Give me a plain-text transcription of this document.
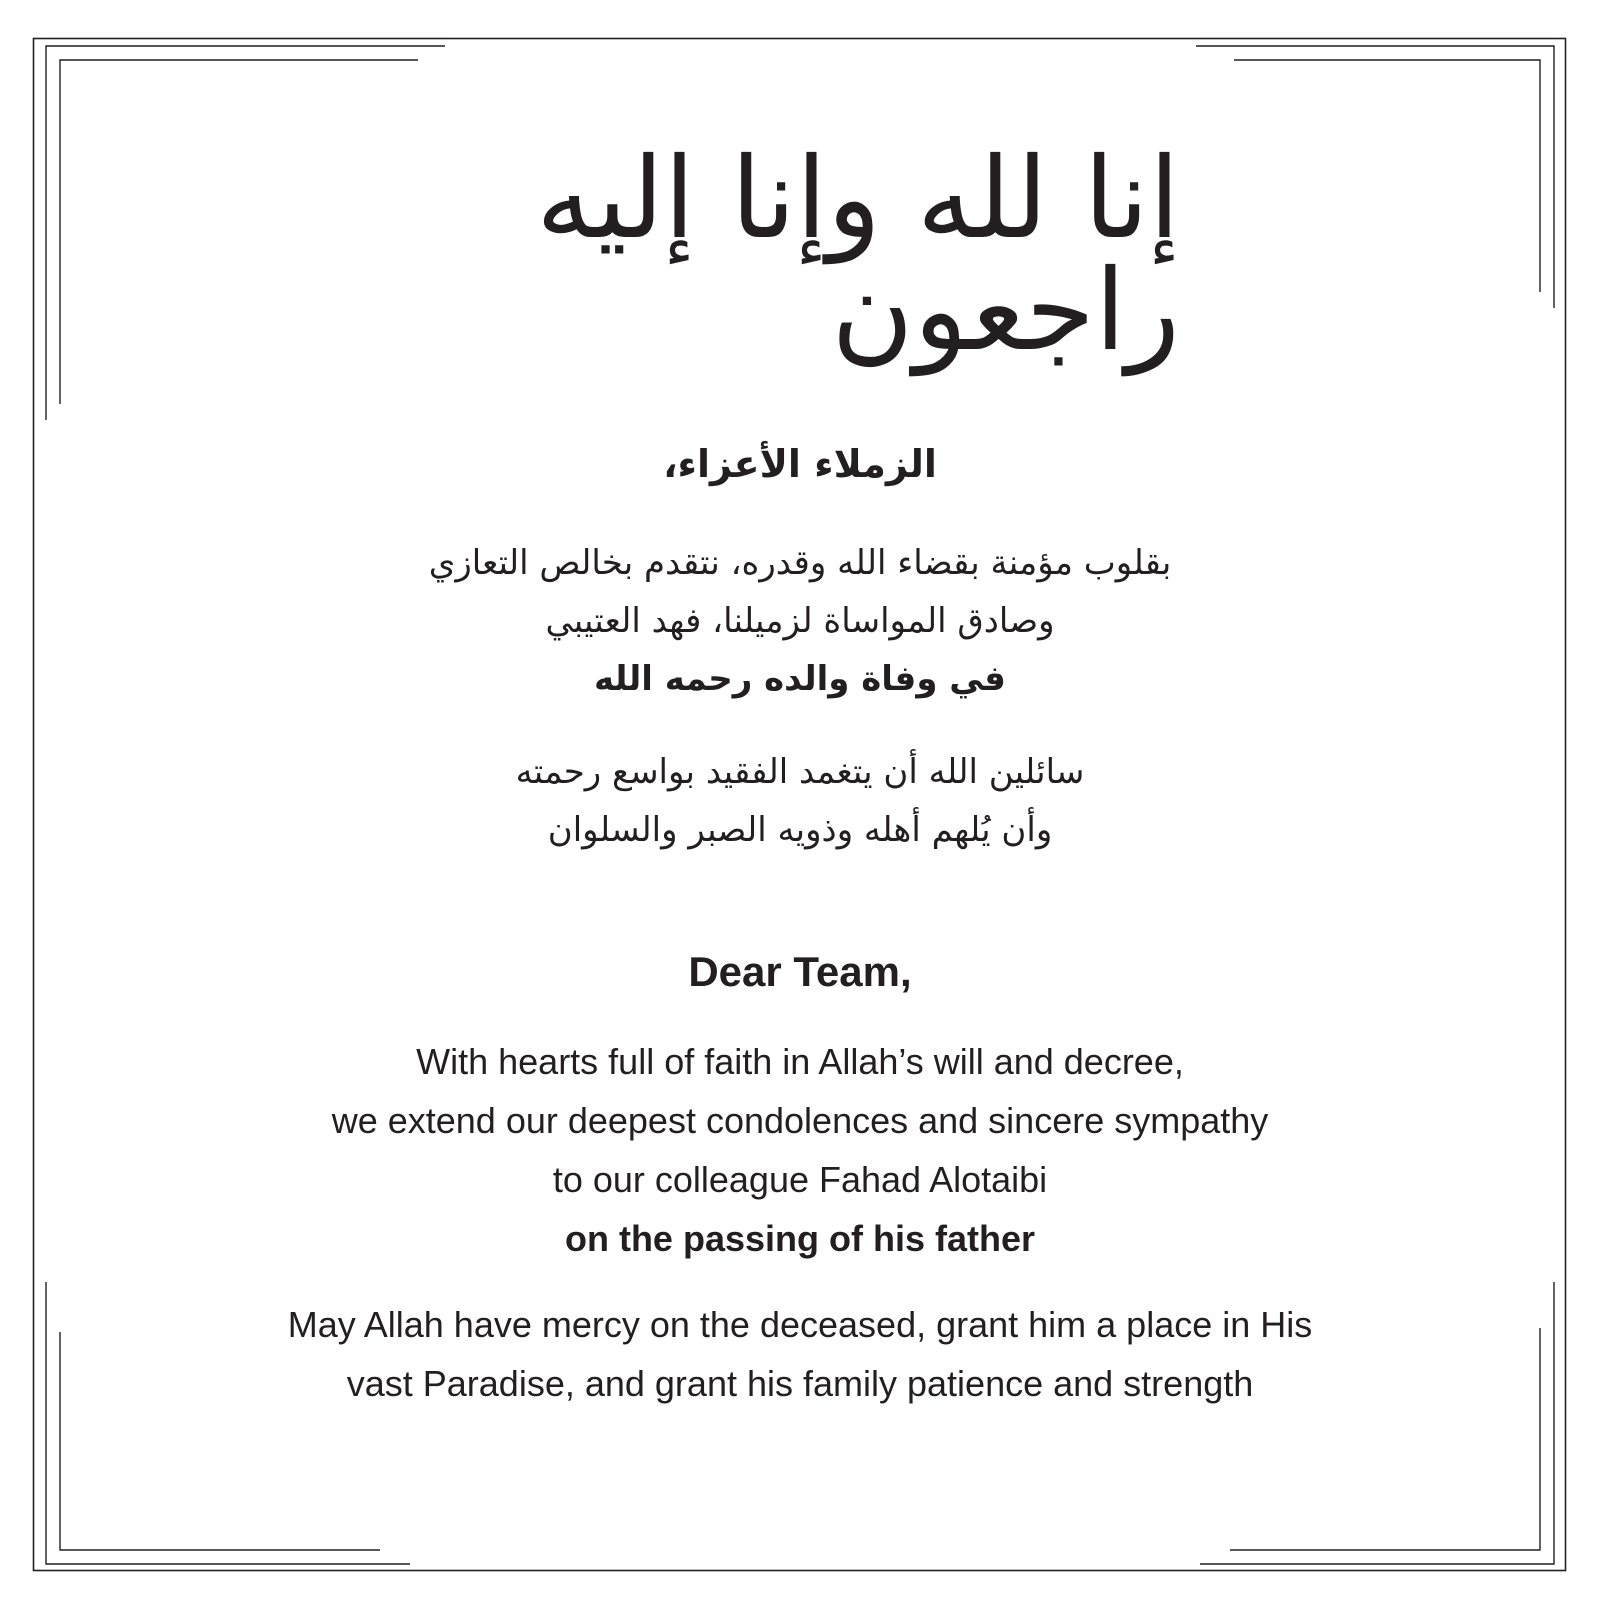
إنا لله وإنا إليه راجعون
الزملاء الأعزاء،
بقلوب مؤمنة بقضاء الله وقدره، نتقدم بخالص التعازي
وصادق المواساة لزميلنا، فهد العتيبي
في وفاة والده رحمه الله
سائلين الله أن يتغمد الفقيد بواسع رحمته
وأن يُلهم أهله وذويه الصبر والسلوان
Dear Team,
With hearts full of faith in Allah’s will and decree,
we extend our deepest condolences and sincere sympathy
to our colleague Fahad Alotaibi
on the passing of his father
May Allah have mercy on the deceased, grant him a place in His
vast Paradise, and grant his family patience and strength
